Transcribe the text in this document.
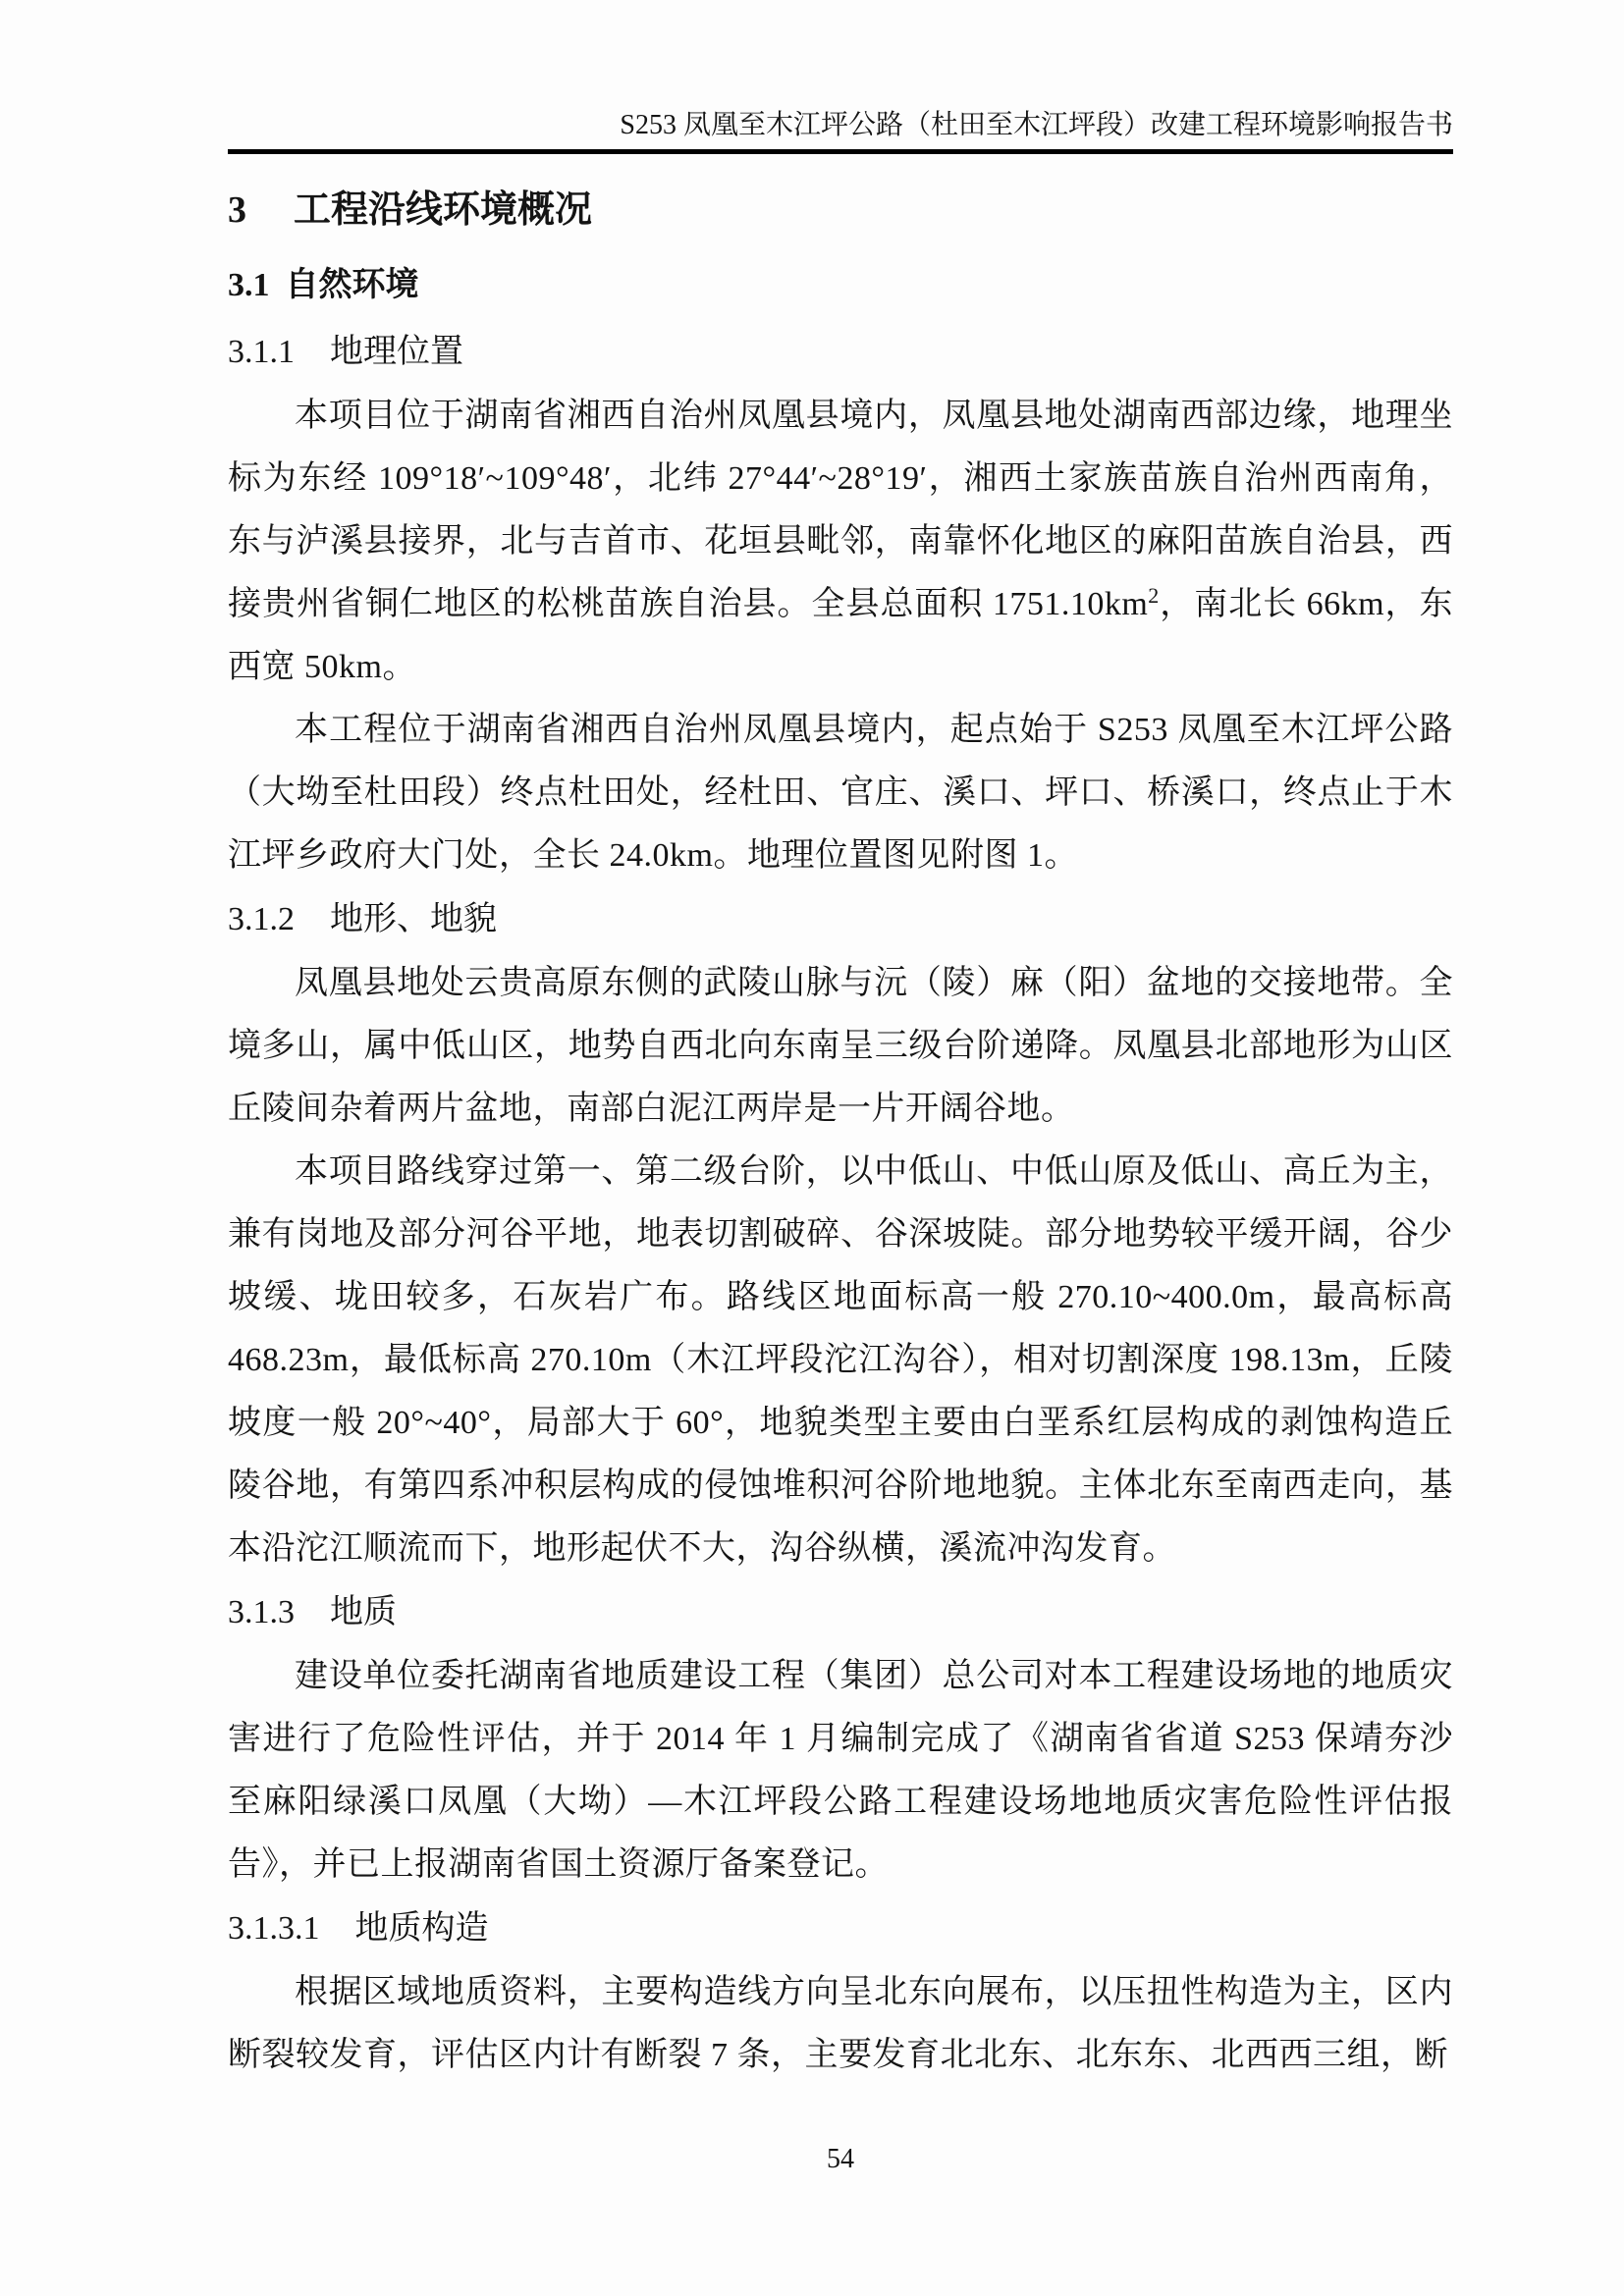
S253 凤凰至木江坪公路（杜田至木江坪段）改建工程环境影响报告书
3 工程沿线环境概况
3.1 自然环境
3.1.1 地理位置

本项目位于湖南省湘西自治州凤凰县境内，凤凰县地处湖南西部边缘，地理坐标为东经 109°18′~109°48′，北纬 27°44′~28°19′，湘西土家族苗族自治州西南角，东与泸溪县接界，北与吉首市、花垣县毗邻，南靠怀化地区的麻阳苗族自治县，西接贵州省铜仁地区的松桃苗族自治县。全县总面积 $1751.10km^2$，南北长 66km，东西宽 50km。

本工程位于湖南省湘西自治州凤凰县境内，起点始于 S253 凤凰至木江坪公路（大坳至杜田段）终点杜田处，经杜田、官庄、溪口、坪口、桥溪口，终点止于木江坪乡政府大门处，全长 24.0km。地理位置图见附图 1。

3.1.2 地形、地貌

凤凰县地处云贵高原东侧的武陵山脉与沅（陵）麻（阳）盆地的交接地带。全境多山，属中低山区，地势自西北向东南呈三级台阶递降。凤凰县北部地形为山区丘陵间杂着两片盆地，南部白泥江两岸是一片开阔谷地。

本项目路线穿过第一、第二级台阶，以中低山、中低山原及低山、高丘为主，兼有岗地及部分河谷平地，地表切割破碎、谷深坡陡。部分地势较平缓开阔，谷少坡缓、垅田较多，石灰岩广布。路线区地面标高一般 270.10~400.0m，最高标高 468.23m，最低标高 270.10m（木江坪段沱江沟谷），相对切割深度 198.13m，丘陵坡度一般 20°~40°，局部大于 60°，地貌类型主要由白垩系红层构成的剥蚀构造丘陵谷地，有第四系冲积层构成的侵蚀堆积河谷阶地地貌。主体北东至南西走向，基本沿沱江顺流而下，地形起伏不大，沟谷纵横，溪流冲沟发育。

3.1.3 地质

建设单位委托湖南省地质建设工程（集团）总公司对本工程建设场地的地质灾害进行了危险性评估，并于 2014 年 1 月编制完成了《湖南省省道 S253 保靖夯沙至麻阳绿溪口凤凰（大坳）—木江坪段公路工程建设场地地质灾害危险性评估报告》，并已上报湖南省国土资源厅备案登记。

3.1.3.1 地质构造

根据区域地质资料，主要构造线方向呈北东向展布，以压扭性构造为主，区内断裂较发育，评估区内计有断裂 7 条，主要发育北北东、北东东、北西西三组，断

54
